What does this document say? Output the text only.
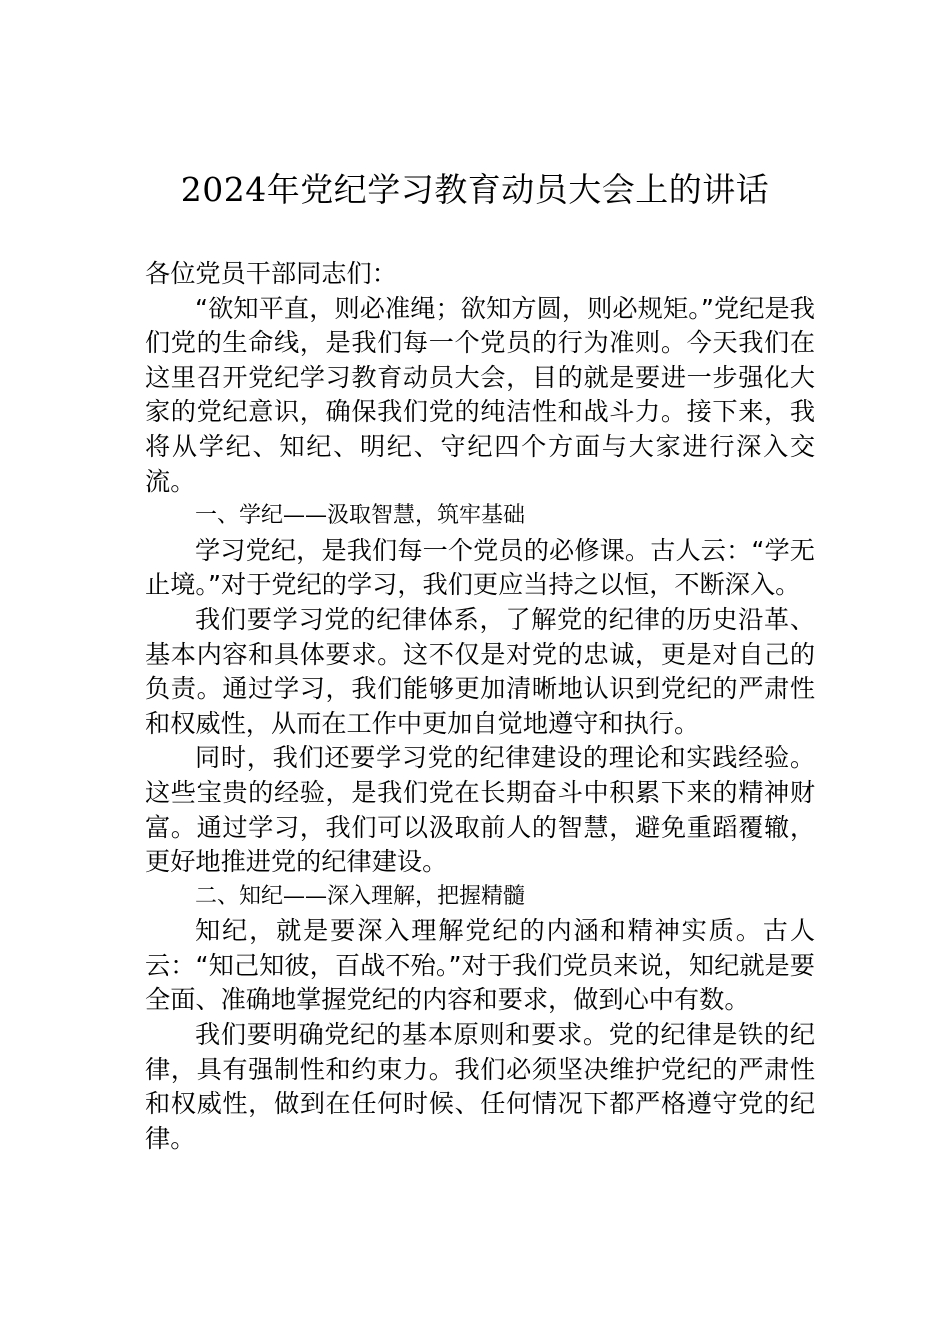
2024年党纪学习教育动员大会上的讲话

各位党员干部同志们：

“欲知平直，则必准绳；欲知方圆，则必规矩。”党纪是我们党的生命线，是我们每一个党员的行为准则。今天我们在这里召开党纪学习教育动员大会，目的就是要进一步强化大家的党纪意识，确保我们党的纯洁性和战斗力。接下来，我将从学纪、知纪、明纪、守纪四个方面与大家进行深入交流。

一、学纪——汲取智慧，筑牢基础

学习党纪，是我们每一个党员的必修课。古人云：“学无止境。”对于党纪的学习，我们更应当持之以恒，不断深入。

我们要学习党的纪律体系，了解党的纪律的历史沿革、基本内容和具体要求。这不仅是对党的忠诚，更是对自己的负责。通过学习，我们能够更加清晰地认识到党纪的严肃性和权威性，从而在工作中更加自觉地遵守和执行。

同时，我们还要学习党的纪律建设的理论和实践经验。这些宝贵的经验，是我们党在长期奋斗中积累下来的精神财富。通过学习，我们可以汲取前人的智慧，避免重蹈覆辙，更好地推进党的纪律建设。

二、知纪——深入理解，把握精髓

知纪，就是要深入理解党纪的内涵和精神实质。古人云：“知己知彼，百战不殆。”对于我们党员来说，知纪就是要全面、准确地掌握党纪的内容和要求，做到心中有数。

我们要明确党纪的基本原则和要求。党的纪律是铁的纪律，具有强制性和约束力。我们必须坚决维护党纪的严肃性和权威性，做到在任何时候、任何情况下都严格遵守党的纪律。
